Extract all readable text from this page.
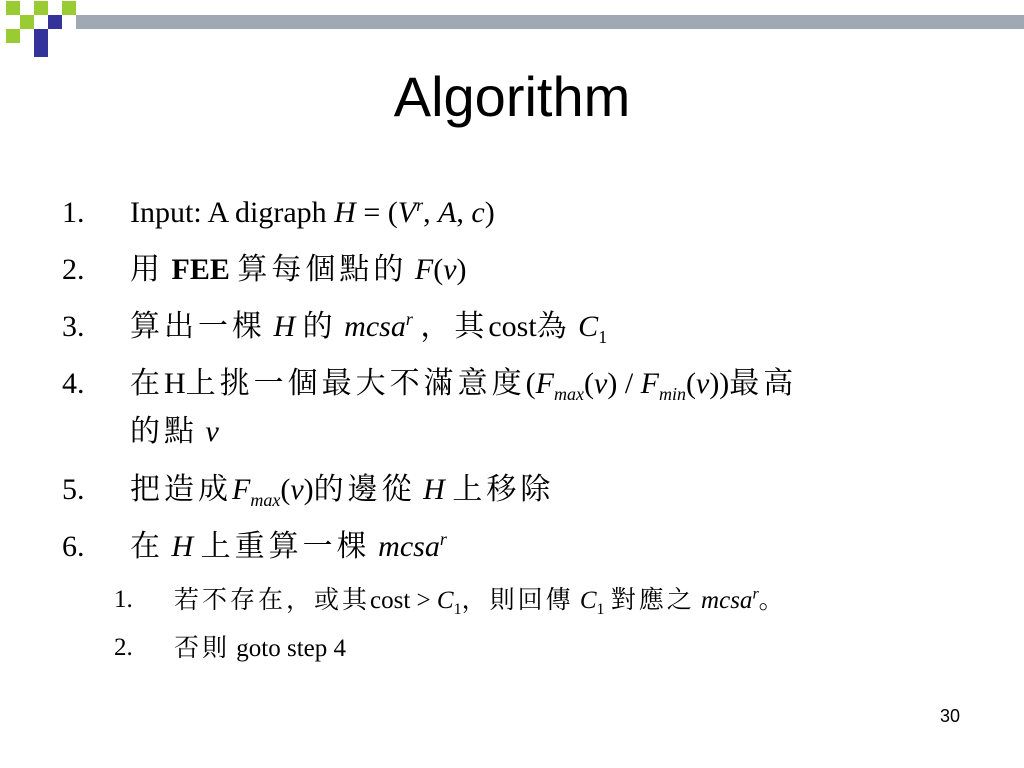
Algorithm
1. Input: A digraph $H = (V^r$, A, c)
2. 用 FEE 算每個點的 F(v)
3. 算出一棵 H 的 mcsa$^r$ ，其cost為 $C_1$
4. 在H上挑一個最大不滿意度$(F_{max}(v) / F_{min}(v))$最高
的點 v
5. 把造成$F_{max}(v)$的邊從 H 上移除
6. 在 H 上重算一棵 mcsa$^r$
1. 若不存在，或其$\cos t > C_1$，則回傳 $C_1$ 對應之 mcsa$^r$。
2. 否則 goto step 4
30
